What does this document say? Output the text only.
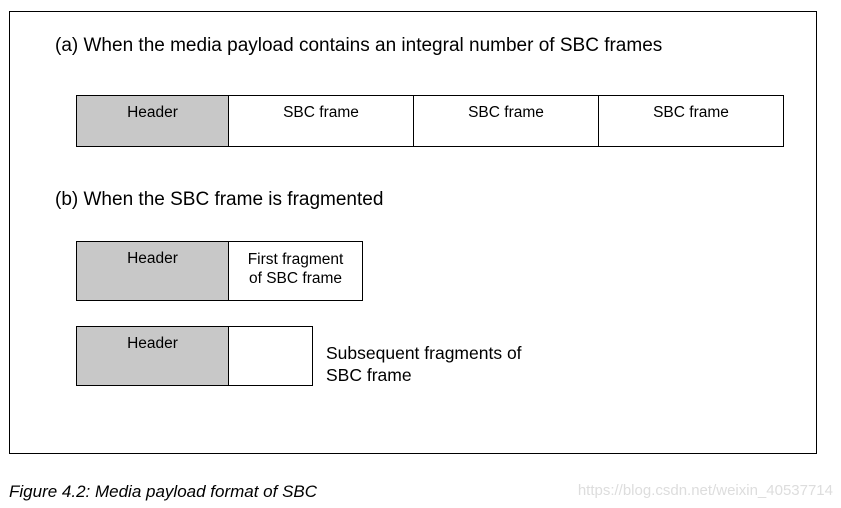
(a) When the media payload contains an integral number of SBC frames
Header	SBC frame	SBC frame	SBC frame
(b) When the SBC frame is fragmented
Header	First fragment
of SBC frame
Header	Subsequent fragments of
SBC frame
Figure 4.2: Media payload format of SBC	https://blog.csdn.net/weixin_40537714
